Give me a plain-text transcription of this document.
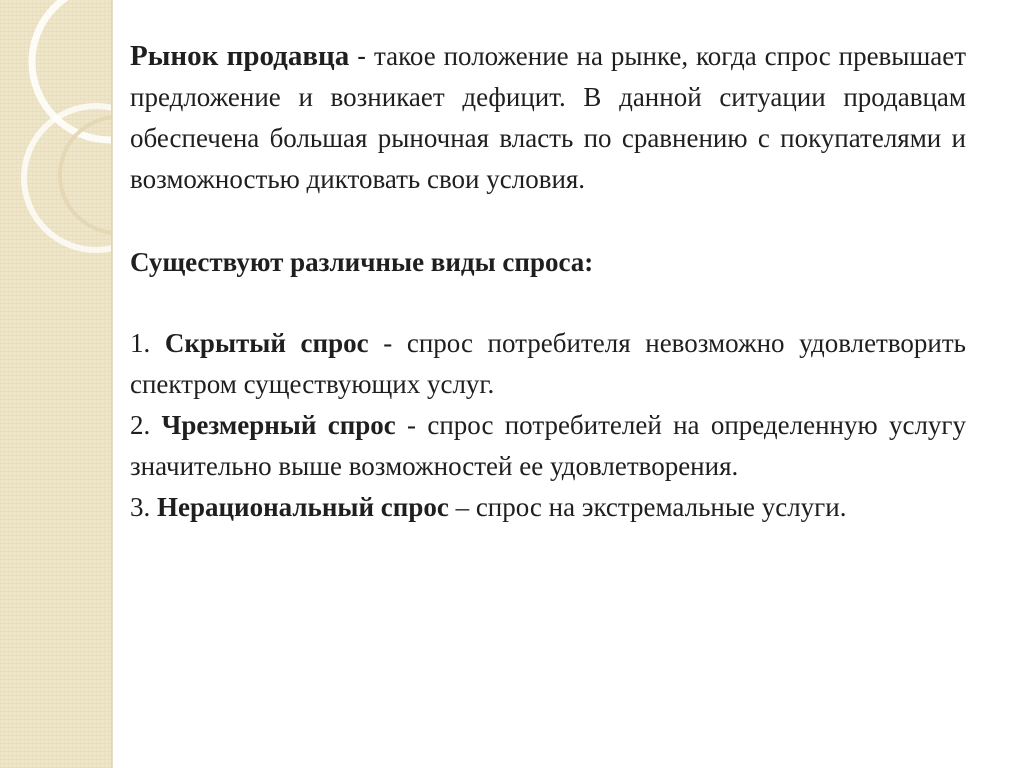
Рынок продавца - такое положение на рынке, когда спрос превышает предложение и возникает дефицит. В данной ситуации продавцам обеспечена большая рыночная власть по сравнению с покупателями и возможностью диктовать свои условия.

Существуют различные виды спроса:

1. Скрытый спрос - спрос потребителя невозможно удовлетворить спектром существующих услуг.
2. Чрезмерный спрос - спрос потребителей на определенную услугу значительно выше возможностей ее удовлетворения.
3. Нерациональный спрос – спрос на экстремальные услуги.
